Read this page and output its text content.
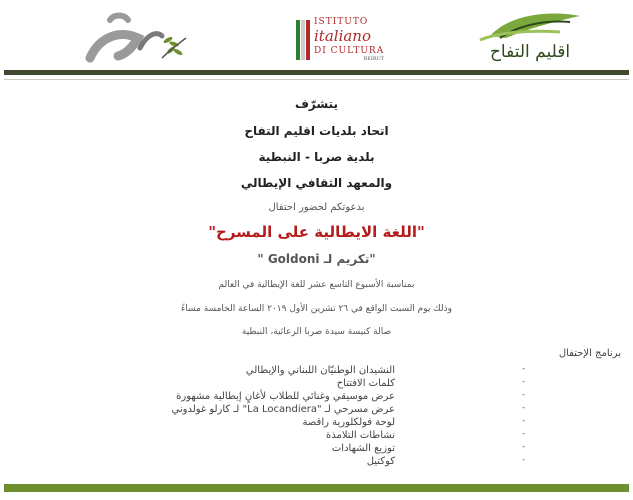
ISTITUTO
italiano
DI CULTURA
BEIRUT	اقليم التفاح
يتشرّف
اتحاد بلديات اقليم التفاح
بلدية صربا - النبطية
والمعهد الثقافي الإيطالي
بدعوتكم لحضور احتفال
"اللغة الايطالية على المسرح"
"تكريم لـ Goldoni "
بمناسبة الأسبوع التاسع عشر للغة الإيطالية في العالم
وذلك يوم السبت الواقع في ٢٦ تشرين الأول ٢٠١٩ الساعة الخامسة مساءً
صالة كنيسة سيدة صربا الرعائية، النبطية
برنامج الإحتفال
النشيدان الوطنيّان اللبناني والإيطالي
كلمات الافتتاح
عرض موسيقي وغنائي للطلاب لأغانٍ إيطالية مشهورة
عرض مسرحي لـ "La Locandiera" لـ كارلو غولدوني
لوحة فولكلورية راقصة
نشاطات التلامذة
توزيع الشهادات
كوكتيل
-
-
-
-
-
-
-
-
